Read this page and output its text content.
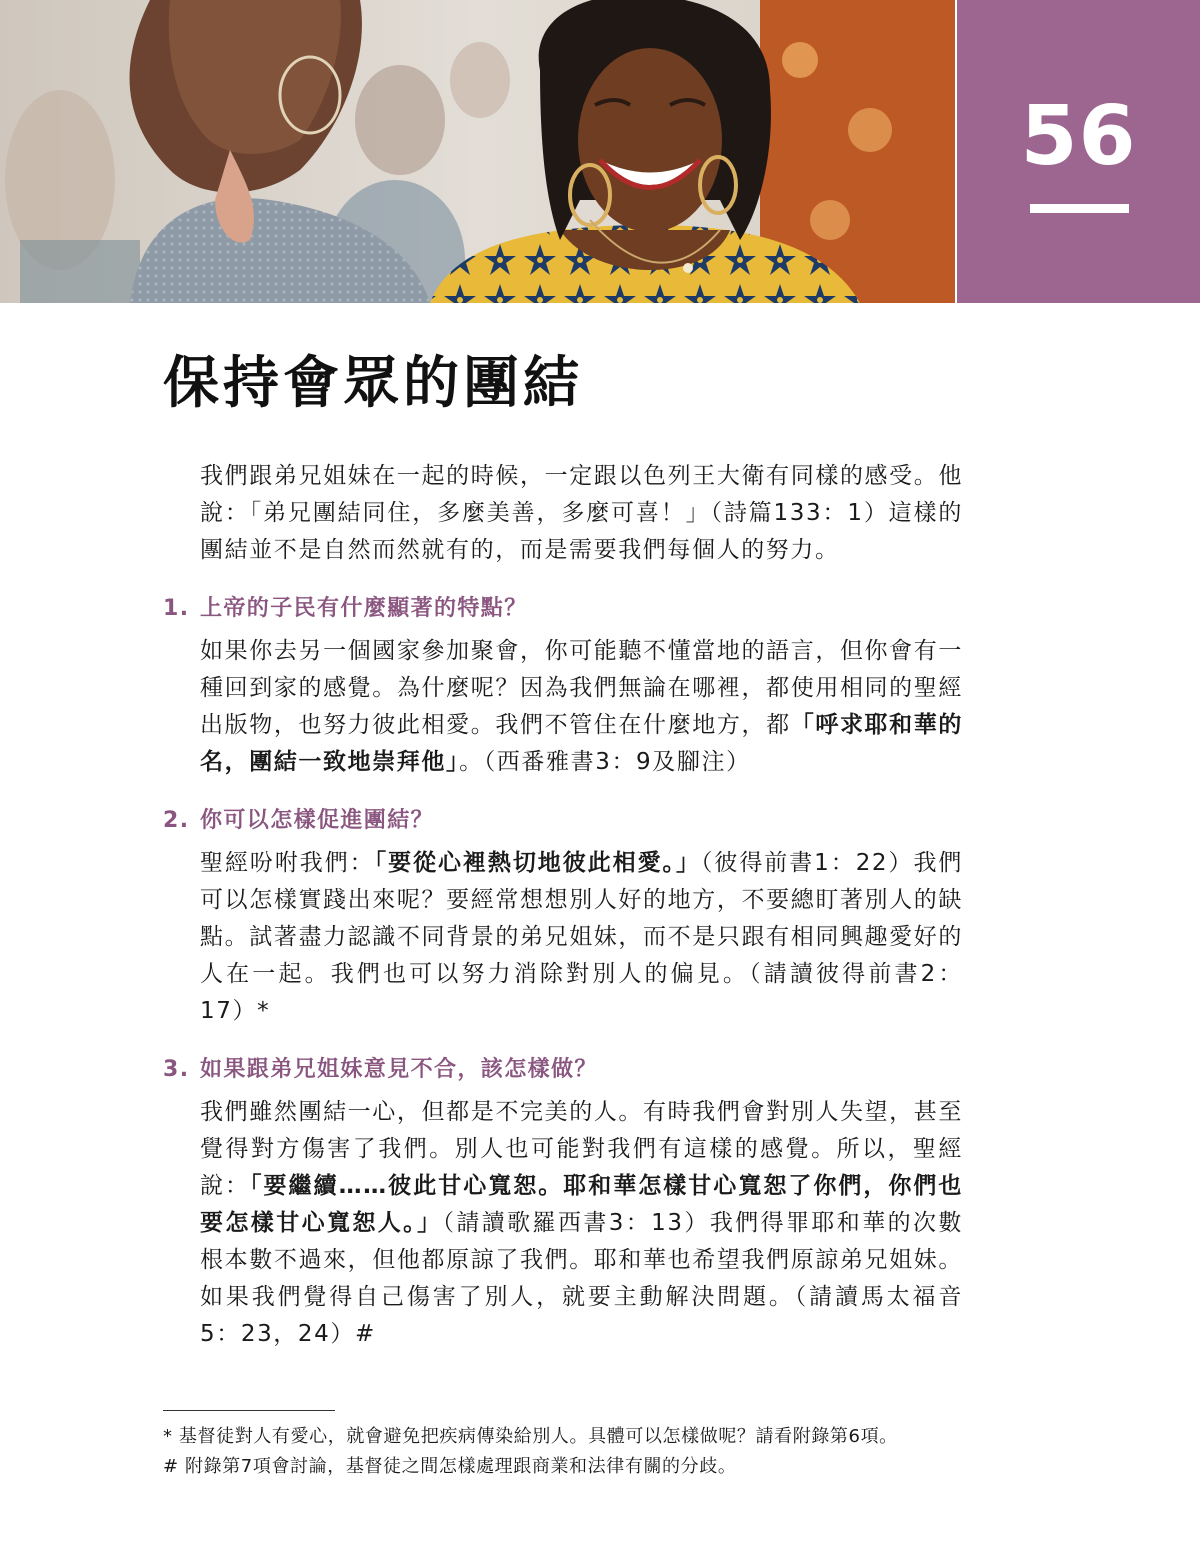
56
保持會眾的團結

我們跟弟兄姐妹在一起的時候，一定跟以色列王大衛有同樣的感受。他說：「弟兄團結同住，多麼美善，多麼可喜！」（詩篇133：1）這樣的團結並不是自然而然就有的，而是需要我們每個人的努力。

1. 上帝的子民有什麼顯著的特點？

如果你去另一個國家參加聚會，你可能聽不懂當地的語言，但你會有一種回到家的感覺。為什麼呢？因為我們無論在哪裡，都使用相同的聖經出版物，也努力彼此相愛。我們不管住在什麼地方，都「呼求耶和華的名，團結一致地崇拜他」。（西番雅書3：9及腳注）

2. 你可以怎樣促進團結？

聖經吩咐我們：「要從心裡熱切地彼此相愛。」（彼得前書1：22）我們可以怎樣實踐出來呢？要經常想想別人好的地方，不要總盯著別人的缺點。試著盡力認識不同背景的弟兄姐妹，而不是只跟有相同興趣愛好的人在一起。我們也可以努力消除對別人的偏見。（請讀彼得前書2：17）*

3. 如果跟弟兄姐妹意見不合，該怎樣做？

我們雖然團結一心，但都是不完美的人。有時我們會對別人失望，甚至覺得對方傷害了我們。別人也可能對我們有這樣的感覺。所以，聖經說：「要繼續……彼此甘心寬恕。耶和華怎樣甘心寬恕了你們，你們也要怎樣甘心寬恕人。」（請讀歌羅西書3：13）我們得罪耶和華的次數根本數不過來，但他都原諒了我們。耶和華也希望我們原諒弟兄姐妹。如果我們覺得自己傷害了別人，就要主動解決問題。（請讀馬太福音5：23，24）#

* 基督徒對人有愛心，就會避免把疾病傳染給別人。具體可以怎樣做呢？請看附錄第6項。

# 附錄第7項會討論，基督徒之間怎樣處理跟商業和法律有關的分歧。
